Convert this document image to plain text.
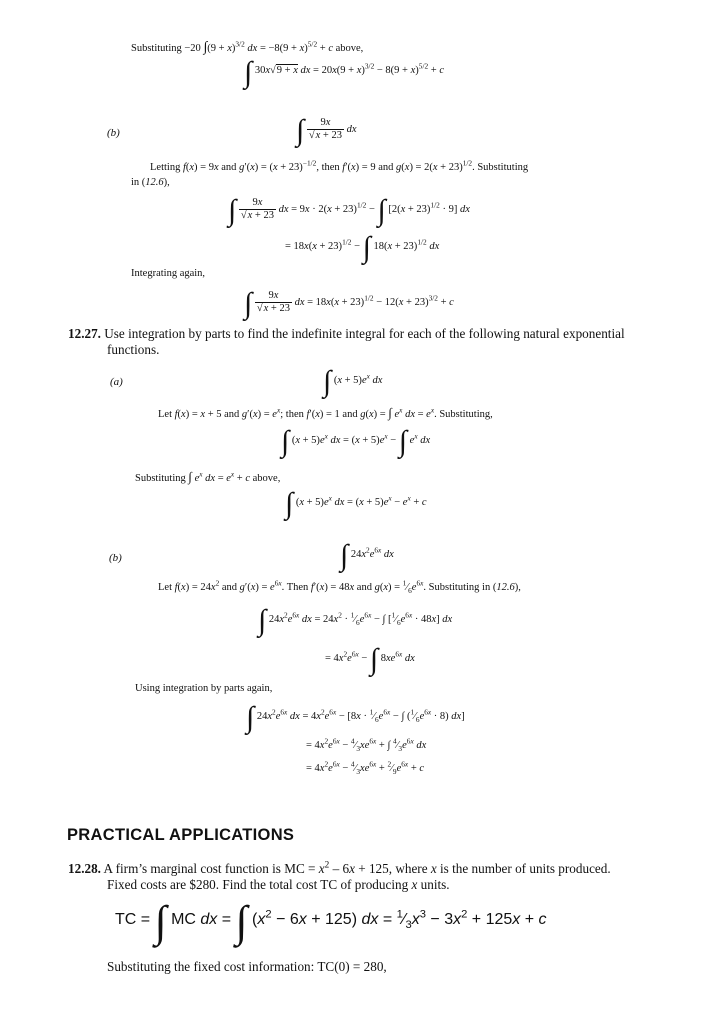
Substituting −20 $\int(9 + x)^{3/2}$ dx = $-8(9 + x)^{5/2} + c$ above,
∫ 30x√9 + x dx = $20x(9 + x)^{3/2} - 8(9 + x)^{5/2} + c$
(b)	∫ $\frac{9x}{√x + 23}$ dx
Letting f(x) = 9x and $g'(x) = (x + 23)^{-1/2}$, then f′(x) = 9 and $g(x) = 2(x + 23)^{1/2}$. Substituting
in (12.6),
∫ $\frac{9x}{√x + 23}$ dx = $9x \cdot 2(x + 23)^{1/2}$ − ∫ $[2(x + 23)^{1/2} \cdot 9]$ dx
= $18x(x + 23)^{1/2}$ − ∫ $18(x + 23)^{1/2}$ dx
Integrating again,
∫ $\frac{9x}{√x + 23}$ dx = $18x(x + 23)^{1/2} - 12(x + 23)^{3/2} + c$
12.27. Use integration by parts to find the indefinite integral for each of the following natural exponential
functions.
(a)	∫ $(x + 5)e^x$ dx
Let f(x) = x + 5 and $g'(x) = e^x$; then f′(x) = 1 and g(x) = ∫ $e^x$ dx = $e^x$. Substituting,
∫ $(x + 5)e^x$ dx = $(x + 5)e^x$ − ∫ $e^x$ dx
Substituting ∫ $e^x$ dx = $e^x + c$ above,
∫ $(x + 5)e^x$ dx = $(x + 5)e^x - e^x + c$
(b)	∫ $24x^2e^{6x}$ dx
Let $f(x) = 24x^2$ and $g'(x) = e^{6x}$. Then f′(x) = 48x and $g(x) = ^1⁄_6e^{6x}$. Substituting in (12.6),
∫ $24x^2e^{6x}$ dx = $24x^2$ · $^1⁄_6e^{6x}$ − ∫ $[^1⁄_6e^{6x} \cdot 48x]$ dx
= $4x^2e^{6x}$ − ∫ $8xe^{6x}$ dx
Using integration by parts again,
∫ $24x^2e^{6x}$ dx = $4x^2e^{6x} - [8x$ · $^1⁄_6e^{6x}$ − ∫ $(^1⁄_6e^{6x} \cdot 8)$ dx]
= $4x^2e^{6x}$ − $^4⁄_3xe^{6x}$ + ∫ $^4⁄_3e^{6x}$ dx
= $4x^2e^{6x}$ − $^4⁄_3xe^{6x}$ + $^2⁄_9e^{6x} + c$
PRACTICAL APPLICATIONS
12.28. A firm’s marginal cost function is MC = $x^2 - 6x + 125$, where x is the number of units produced.
Fixed costs are $280. Find the total cost TC of producing x units.
TC = ∫ MC dx = ∫ $(x^2 - 6x + 125)$ dx = $^1⁄_3x^3 - 3x^2 + 125x + c$
Substituting the fixed cost information: TC(0) = 280,
